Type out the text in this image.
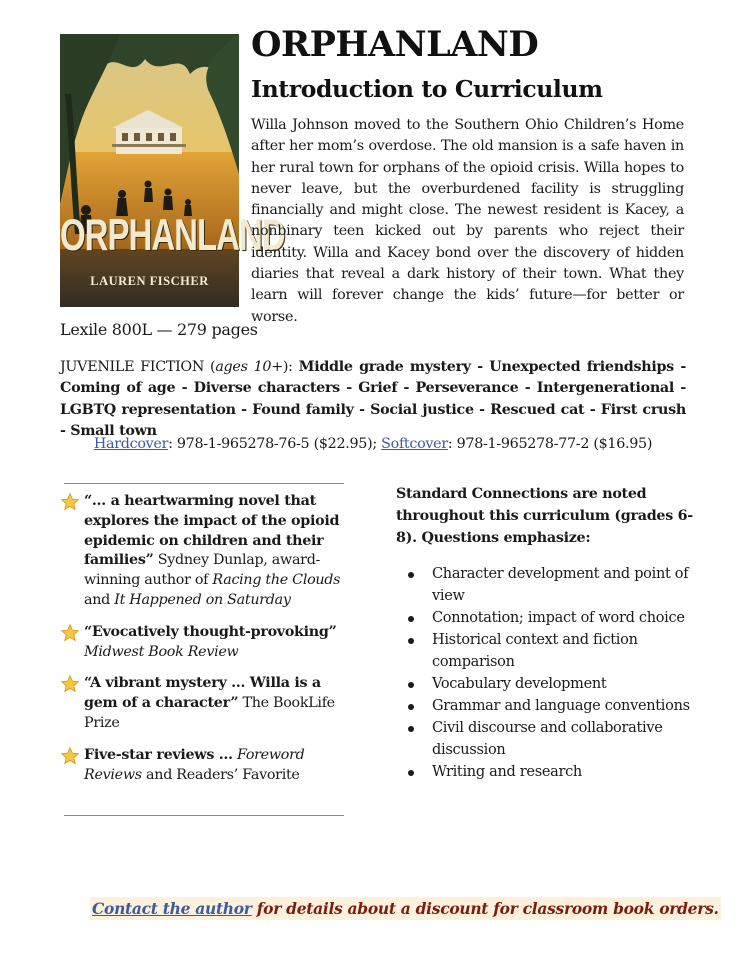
ORPHANLAND
LAUREN FISCHER
ORPHANLAND
Introduction to Curriculum

Willa Johnson moved to the Southern Ohio Children’s Home after her mom’s overdose. The old mansion is a safe haven in her rural town for orphans of the opioid crisis. Willa hopes to never leave, but the overburdened facility is struggling financially and might close. The newest resident is Kacey, a nonbinary teen kicked out by parents who reject their identity. Willa and Kacey bond over the discovery of hidden diaries that reveal a dark history of their town. What they learn will forever change the kids’ future—for better or worse.

Lexile 800L — 279 pages

JUVENILE FICTION (ages 10+): Middle grade mystery - Unexpected friendships - Coming of age - Diverse characters - Grief - Perseverance - Intergenerational - LGBTQ representation - Found family - Social justice - Rescued cat - First crush - Small town

Hardcover: 978-1-965278-76-5 ($22.95); Softcover: 978-1-965278-77-2 ($16.95)
“… a heartwarming novel that explores the impact of the opioid epidemic on children and their families” Sydney Dunlap, award-winning author of Racing the Clouds and It Happened on Saturday
“Evocatively thought-provoking”
Midwest Book Review
“A vibrant mystery … Willa is a gem of a character” The BookLife Prize
Five-star reviews … Foreword Reviews and Readers’ Favorite

Standard Connections are noted throughout this curriculum (grades 6-8). Questions emphasize:

Character development and point of view
Connotation; impact of word choice
Historical context and fiction comparison
Vocabulary development
Grammar and language conventions
Civil discourse and collaborative discussion
Writing and research
Contact the author for details about a discount for classroom book orders.
